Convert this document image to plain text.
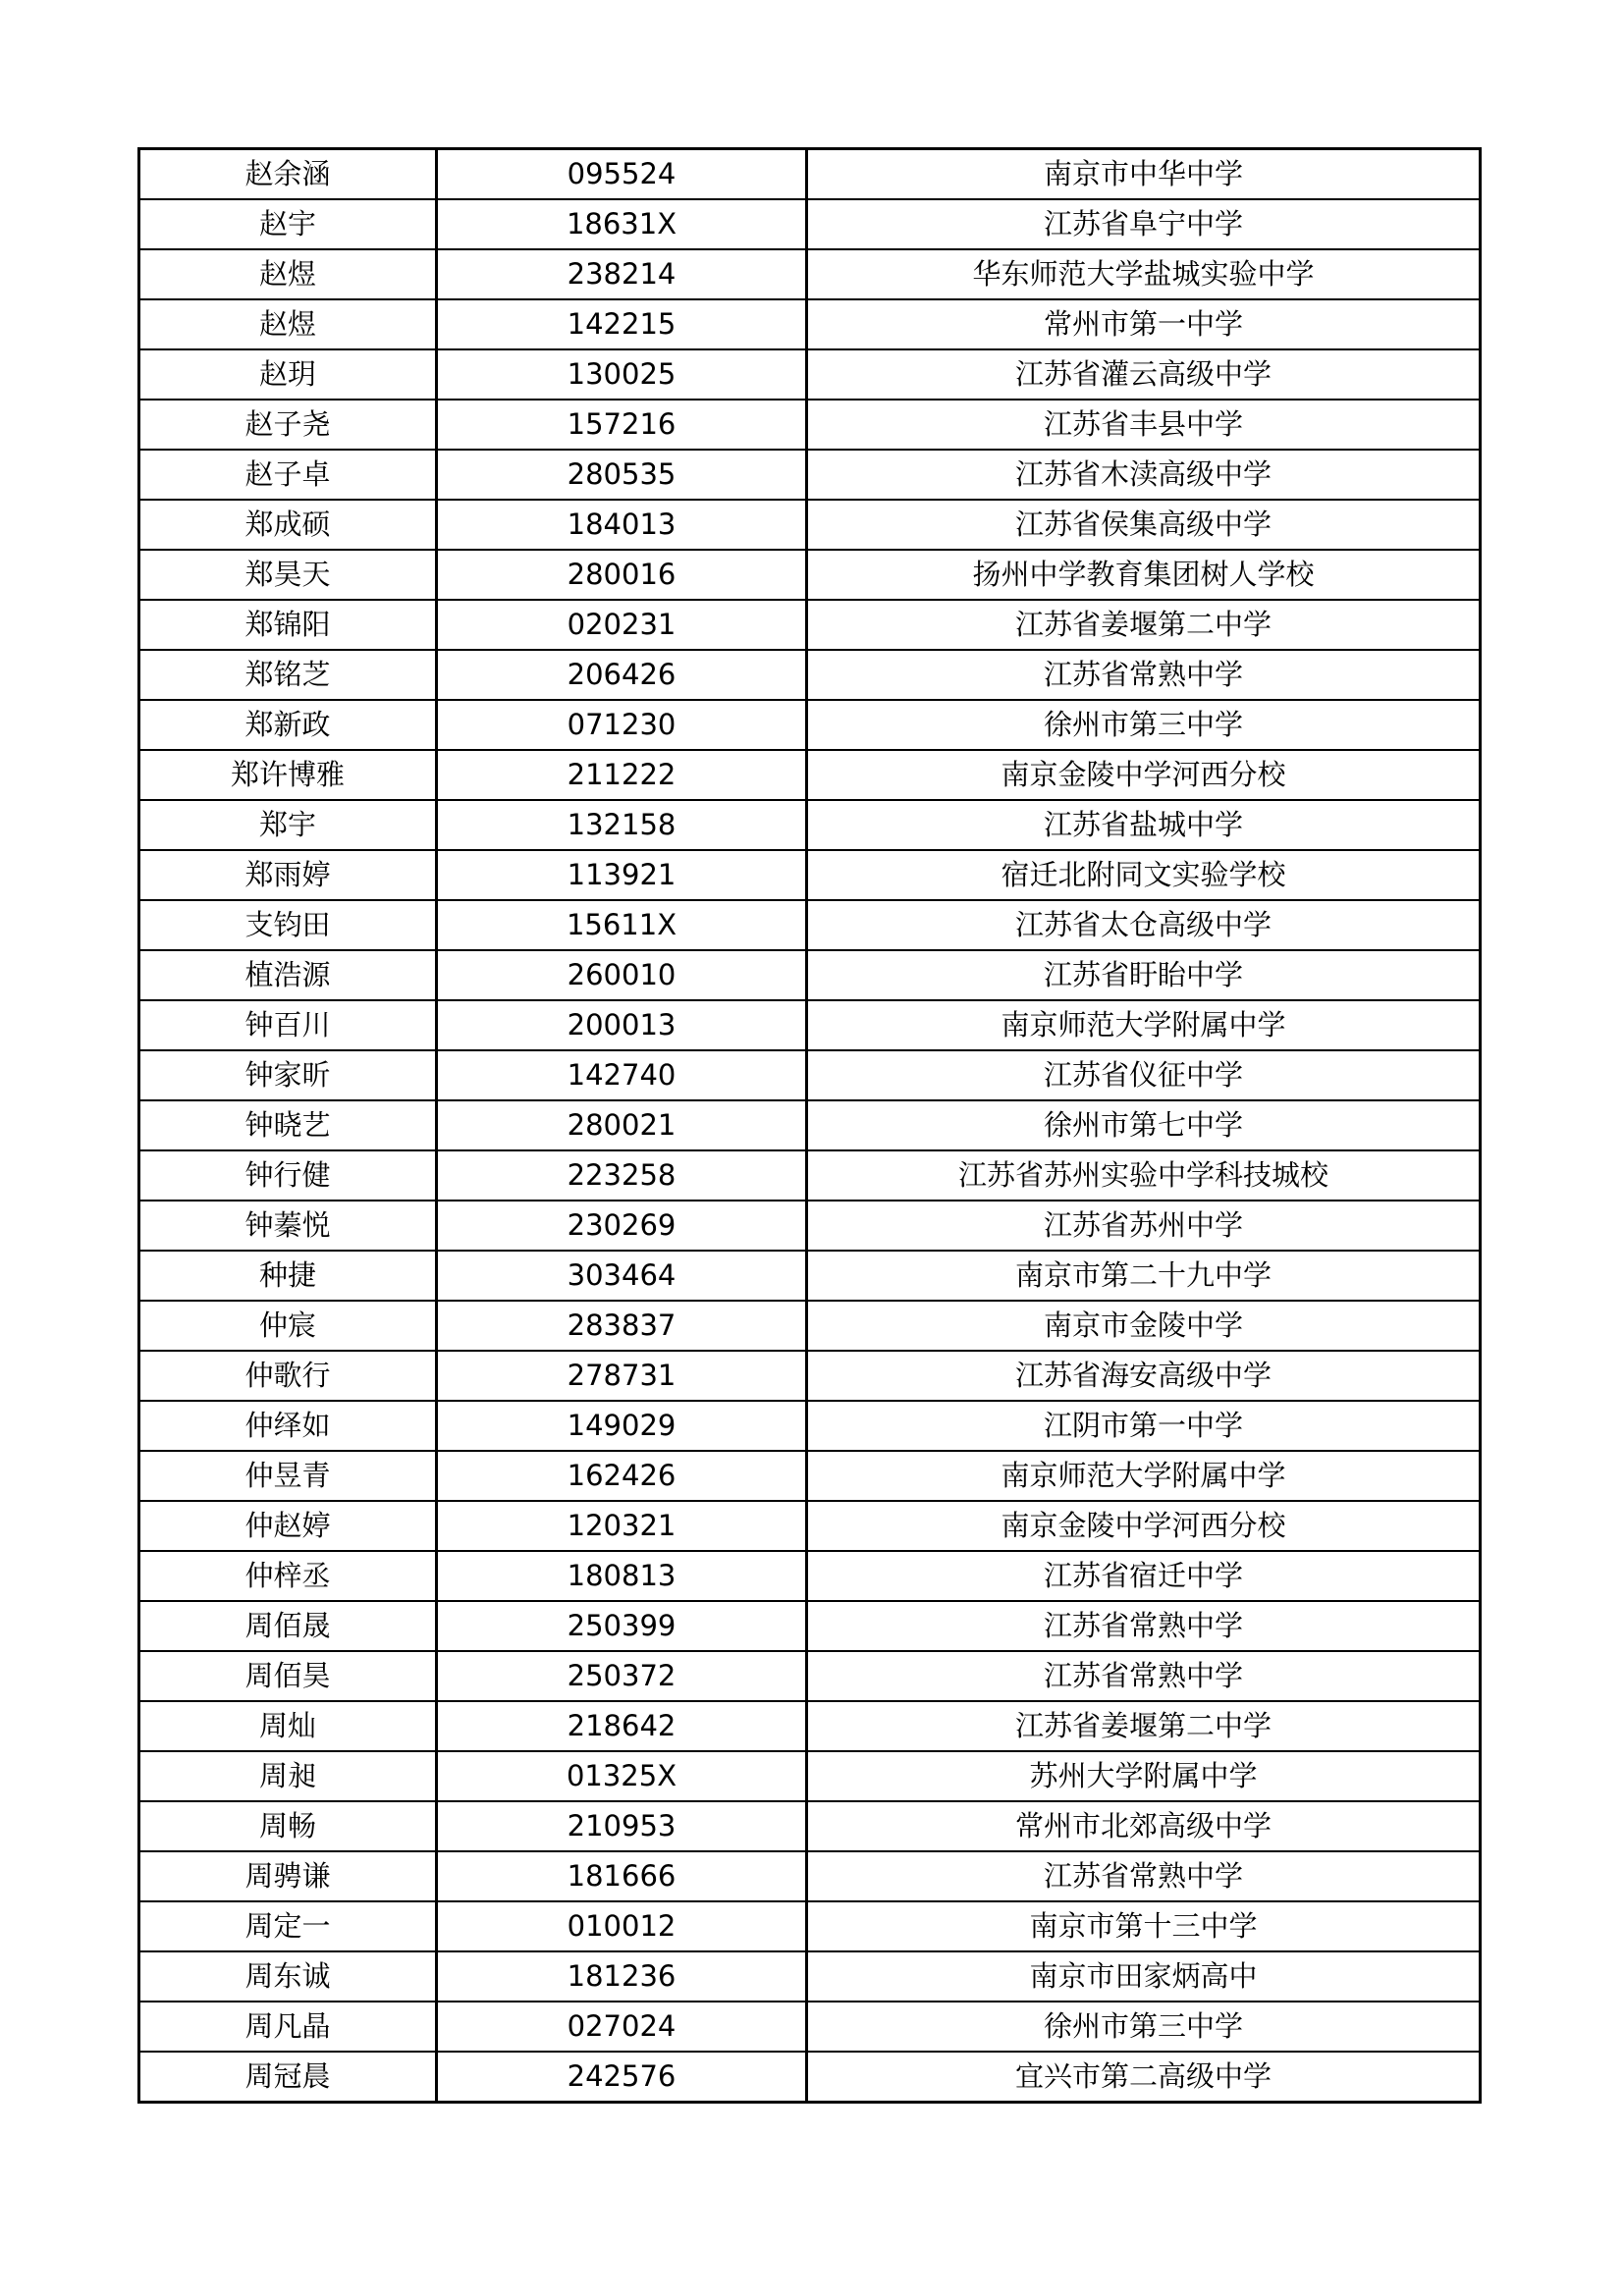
赵余涵	095524	南京市中华中学
赵宇	18631X	江苏省阜宁中学
赵煜	238214	华东师范大学盐城实验中学
赵煜	142215	常州市第一中学
赵玥	130025	江苏省灌云高级中学
赵子尧	157216	江苏省丰县中学
赵子卓	280535	江苏省木渎高级中学
郑成硕	184013	江苏省侯集高级中学
郑昊天	280016	扬州中学教育集团树人学校
郑锦阳	020231	江苏省姜堰第二中学
郑铭芝	206426	江苏省常熟中学
郑新政	071230	徐州市第三中学
郑许博雅	211222	南京金陵中学河西分校
郑宇	132158	江苏省盐城中学
郑雨婷	113921	宿迁北附同文实验学校
支钧田	15611X	江苏省太仓高级中学
植浩源	260010	江苏省盱眙中学
钟百川	200013	南京师范大学附属中学
钟家昕	142740	江苏省仪征中学
钟晓艺	280021	徐州市第七中学
钟行健	223258	江苏省苏州实验中学科技城校
钟蓁悦	230269	江苏省苏州中学
种捷	303464	南京市第二十九中学
仲宸	283837	南京市金陵中学
仲歌行	278731	江苏省海安高级中学
仲绎如	149029	江阴市第一中学
仲昱青	162426	南京师范大学附属中学
仲赵婷	120321	南京金陵中学河西分校
仲梓丞	180813	江苏省宿迁中学
周佰晟	250399	江苏省常熟中学
周佰昊	250372	江苏省常熟中学
周灿	218642	江苏省姜堰第二中学
周昶	01325X	苏州大学附属中学
周畅	210953	常州市北郊高级中学
周骋谦	181666	江苏省常熟中学
周定一	010012	南京市第十三中学
周东诚	181236	南京市田家炳高中
周凡晶	027024	徐州市第三中学
周冠晨	242576	宜兴市第二高级中学
